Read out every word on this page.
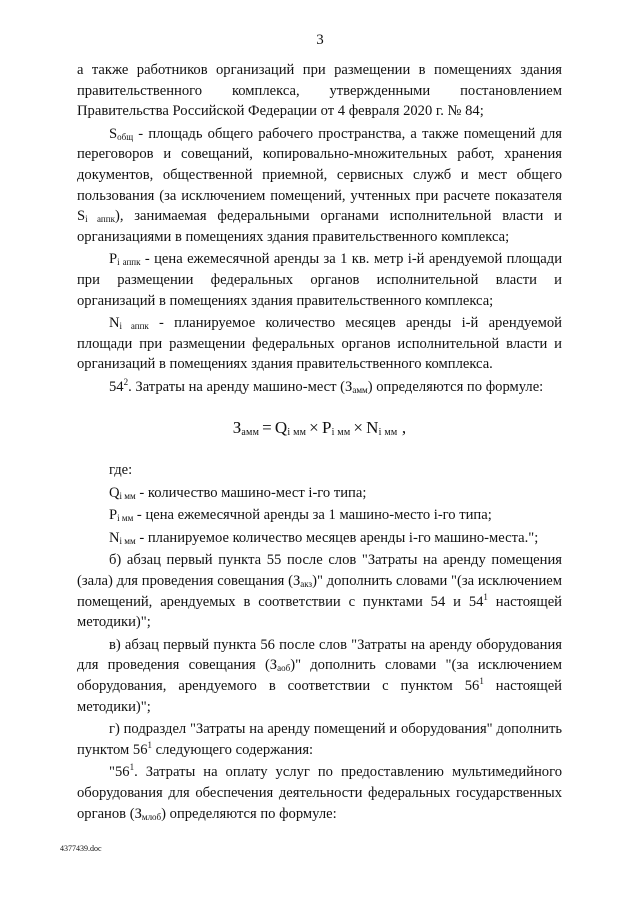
3

а также работников организаций при размещении в помещениях здания правительственного комплекса, утвержденными постановлением Правительства Российской Федерации от 4 февраля 2020 г. № 84;

$S_{общ}$ - площадь общего рабочего пространства, а также помещений для переговоров и совещаний, копировально-множительных работ, хранения документов, общественной приемной, сервисных служб и мест общего пользования (за исключением помещений, учтенных при расчете показателя $S_{i аппк}$), занимаемая федеральными органами исполнительной власти и организациями в помещениях здания правительственного комплекса;

$P_{i аппк}$ - цена ежемесячной аренды за 1 кв. метр i-й арендуемой площади при размещении федеральных органов исполнительной власти и организаций в помещениях здания правительственного комплекса;

$N_{i аппк}$ - планируемое количество месяцев аренды i-й арендуемой площади при размещении федеральных органов исполнительной власти и организаций в помещениях здания правительственного комплекса.

$54^2$. Затраты на аренду машино-мест $(З_{амм})$ определяются по формуле:

$З_{амм} = Q_{i мм} \times P_{i мм} \times N_{i мм}$ ,

где:

$Q_{i мм}$ - количество машино-мест i-го типа;

$P_{i мм}$ - цена ежемесячной аренды за 1 машино-место i-го типа;

$N_{i мм}$ - планируемое количество месяцев аренды i-го машино-места.";

б) абзац первый пункта 55 после слов "Затраты на аренду помещения (зала) для проведения совещания $(З_{акз})$" дополнить словами "(за исключением помещений, арендуемых в соответствии с пунктами 54 и $54^1$ настоящей методики)";

в) абзац первый пункта 56 после слов "Затраты на аренду оборудования для проведения совещания $(З_{аоб})$" дополнить словами "(за исключением оборудования, арендуемого в соответствии с пунктом $56^1$ настоящей методики)";

г) подраздел "Затраты на аренду помещений и оборудования" дополнить пунктом $56^1$ следующего содержания:

"$56^1$. Затраты на оплату услуг по предоставлению мультимедийного оборудования для обеспечения деятельности федеральных государственных органов $(З_{млоб})$ определяются по формуле:

4377439.doc
